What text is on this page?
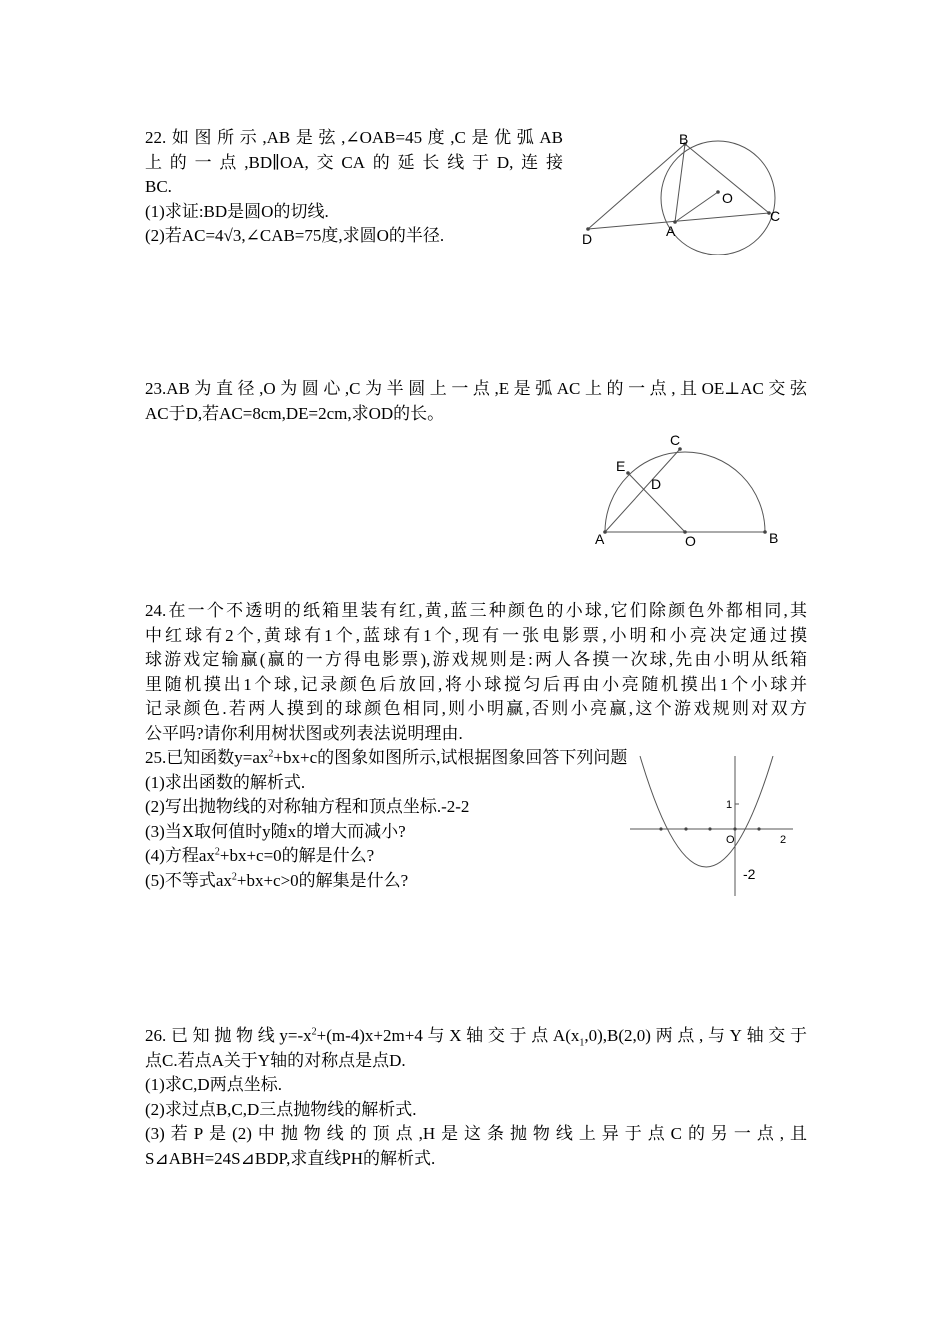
22.如图所示,AB是弦,∠OAB=45度,C是优弧AB

上的一点,BD∥OA,交CA的延长线于D,连接

BC.

(1)求证:BD是圆O的切线.

(2)若AC=4√3,∠CAB=75度,求圆O的半径.

B
O
A
C
D

23.AB为直径,O为圆心,C为半圆上一点,E是弧AC上的一点,且OE⊥AC交弦

AC于D,若AC=8cm,DE=2cm,求OD的长。

C
E
D
A	O	B

24.在一个不透明的纸箱里装有红,黄,蓝三种颜色的小球,它们除颜色外都相同,其

中红球有2个,黄球有1个,蓝球有1个,现有一张电影票,小明和小亮决定通过摸

球游戏定输赢(赢的一方得电影票),游戏规则是:两人各摸一次球,先由小明从纸箱

里随机摸出1个球,记录颜色后放回,将小球搅匀后再由小亮随机摸出1个小球并

记录颜色.若两人摸到的球颜色相同,则小明赢,否则小亮赢,这个游戏规则对双方

公平吗?请你利用树状图或列表法说明理由.

25.已知函数$y=ax^2+bx+c$的图象如图所示,试根据图象回答下列问题

(1)求出函数的解析式.

(2)写出抛物线的对称轴方程和顶点坐标.-2-2

(3)当X取何值时y随x的增大而减小?

(4)方程$ax^2+bx+c=0$的解是什么?

(5)不等式$ax^2+bx+c>0$的解集是什么?

1
O	2
-2

26.已知抛物线$y=-x^2+(m-4)x+2m+4$与X轴交于点$A(x_1,0),B(2,0)$两点,与Y轴交于

点C.若点A关于Y轴的对称点是点D.

(1)求C,D两点坐标.

(2)求过点B,C,D三点抛物线的解析式.

(3)若P是(2)中抛物线的顶点,H是这条抛物线上异于点C的另一点,且

S⊿ABH=24S⊿BDP,求直线PH的解析式.
